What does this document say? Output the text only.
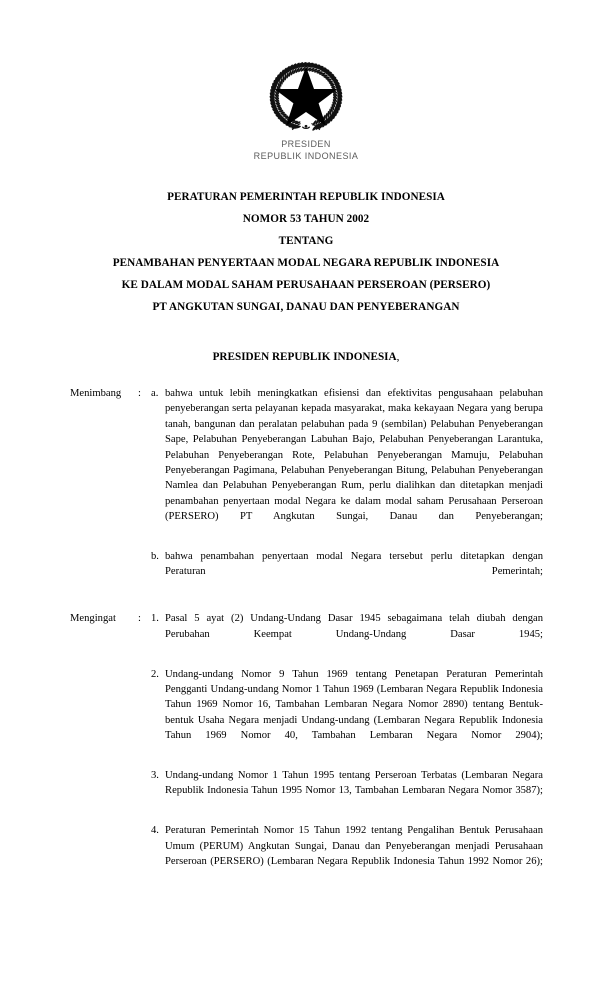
PRESIDEN
REPUBLIK INDONESIA
PERATURAN PEMERINTAH REPUBLIK INDONESIA
NOMOR 53 TAHUN 2002
TENTANG
PENAMBAHAN PENYERTAAN MODAL NEGARA REPUBLIK INDONESIA
KE DALAM MODAL SAHAM PERUSAHAAN PERSEROAN (PERSERO)
PT ANGKUTAN SUNGAI, DANAU DAN PENYEBERANGAN
PRESIDEN REPUBLIK INDONESIA,
Menimbang	: a. bahwa untuk lebih meningkatkan efisiensi dan efektivitas pengusahaan pelabuhan penyeberangan serta pelayanan kepada masyarakat, maka kekayaan Negara yang berupa tanah, bangunan dan peralatan pelabuhan pada 9 (sembilan) Pelabuhan Penyeberangan Sape, Pelabuhan Penyeberangan Labuhan Bajo, Pelabuhan Penyeberangan Larantuka, Pelabuhan Penyeberangan Rote, Pelabuhan Penyeberangan Mamuju, Pelabuhan Penyeberangan Pagimana, Pelabuhan Penyeberangan Bitung, Pelabuhan Penyeberangan Namlea dan Pelabuhan Penyeberangan Rum, perlu dialihkan dan ditetapkan menjadi penambahan penyertaan modal Negara ke dalam modal saham Perusahaan Perseroan (PERSERO) PT Angkutan Sungai, Danau dan Penyeberangan;
b. bahwa penambahan penyertaan modal Negara tersebut perlu ditetapkan dengan Peraturan Pemerintah;
Mengingat	: 1. Pasal 5 ayat (2) Undang-Undang Dasar 1945 sebagaimana telah diubah dengan Perubahan Keempat Undang-Undang Dasar 1945;
2. Undang-undang Nomor 9 Tahun 1969 tentang Penetapan Peraturan Pemerintah Pengganti Undang-undang Nomor 1 Tahun 1969 (Lembaran Negara Republik Indonesia Tahun 1969 Nomor 16, Tambahan Lembaran Negara Nomor 2890) tentang Bentuk-bentuk Usaha Negara menjadi Undang-undang (Lembaran Negara Republik Indonesia Tahun 1969 Nomor 40, Tambahan Lembaran Negara Nomor 2904);
3. Undang-undang Nomor 1 Tahun 1995 tentang Perseroan Terbatas (Lembaran Negara Republik Indonesia Tahun 1995 Nomor 13, Tambahan Lembaran Negara Nomor 3587);
4. Peraturan Pemerintah Nomor 15 Tahun 1992 tentang Pengalihan Bentuk Perusahaan Umum (PERUM) Angkutan Sungai, Danau dan Penyeberangan menjadi Perusahaan Perseroan (PERSERO) (Lembaran Negara Republik Indonesia Tahun 1992 Nomor 26);
